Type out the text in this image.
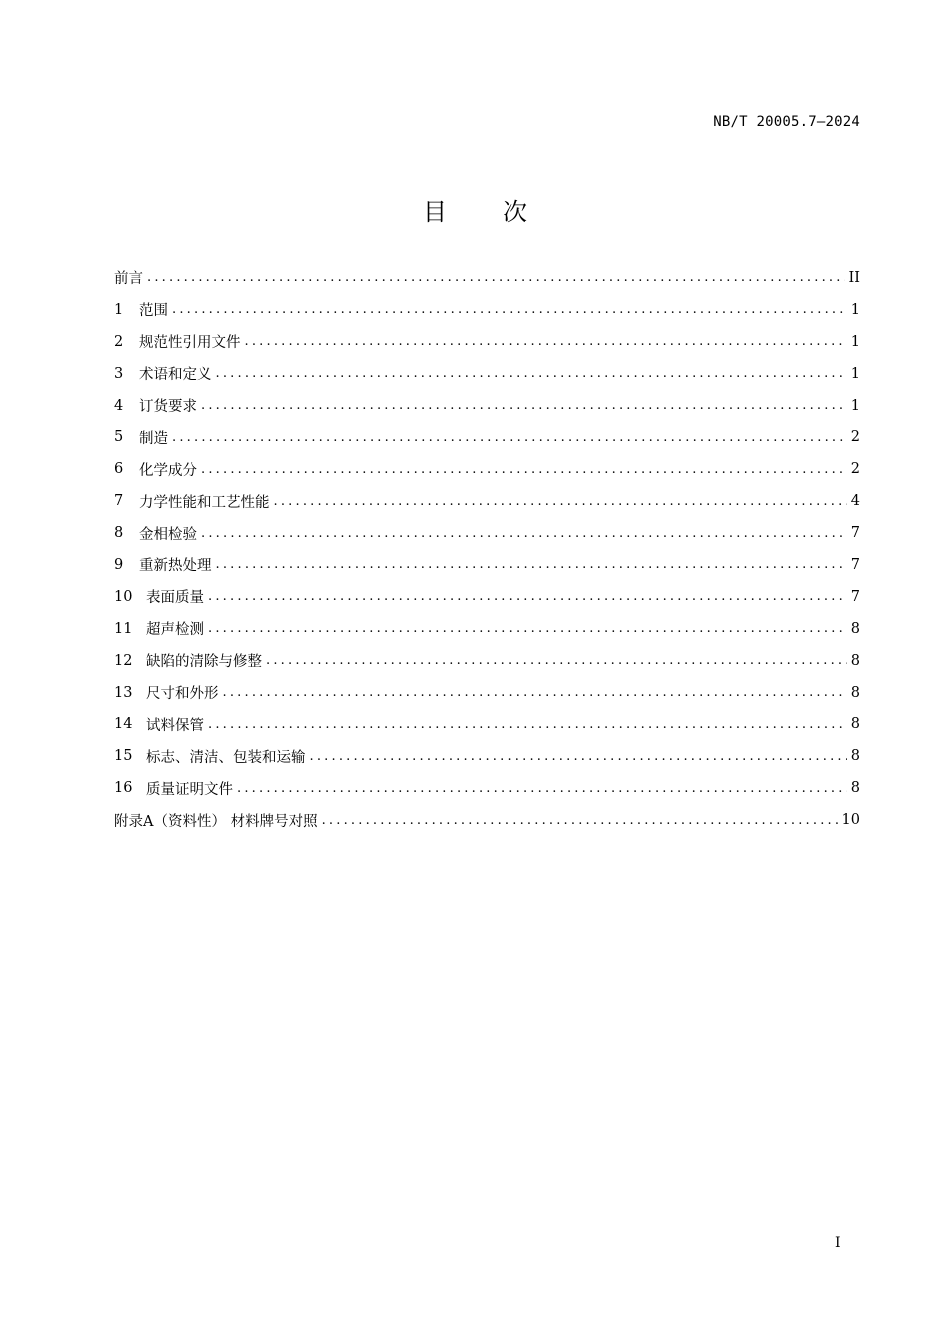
NB/T 20005.7—2024
目次
前言 .....	II
1	范围 .....	1
2	规范性引用文件 .....	1
3	术语和定义 .....	1
4	订货要求 .....	1
5	制造 .....	2
6	化学成分 .....	2
7	力学性能和工艺性能 .....	4
8	金相检验 .....	7
9	重新热处理 .....	7
10 表面质量 .....	7
11 超声检测 .....	8
12 缺陷的清除与修整 .....	8
13 尺寸和外形 .....	8
14 试料保管 .....	8
15 标志、清洁、包装和运输 .....	8
16 质量证明文件 .....	8
附录A（资料性） 材料牌号对照 .....	10
I
